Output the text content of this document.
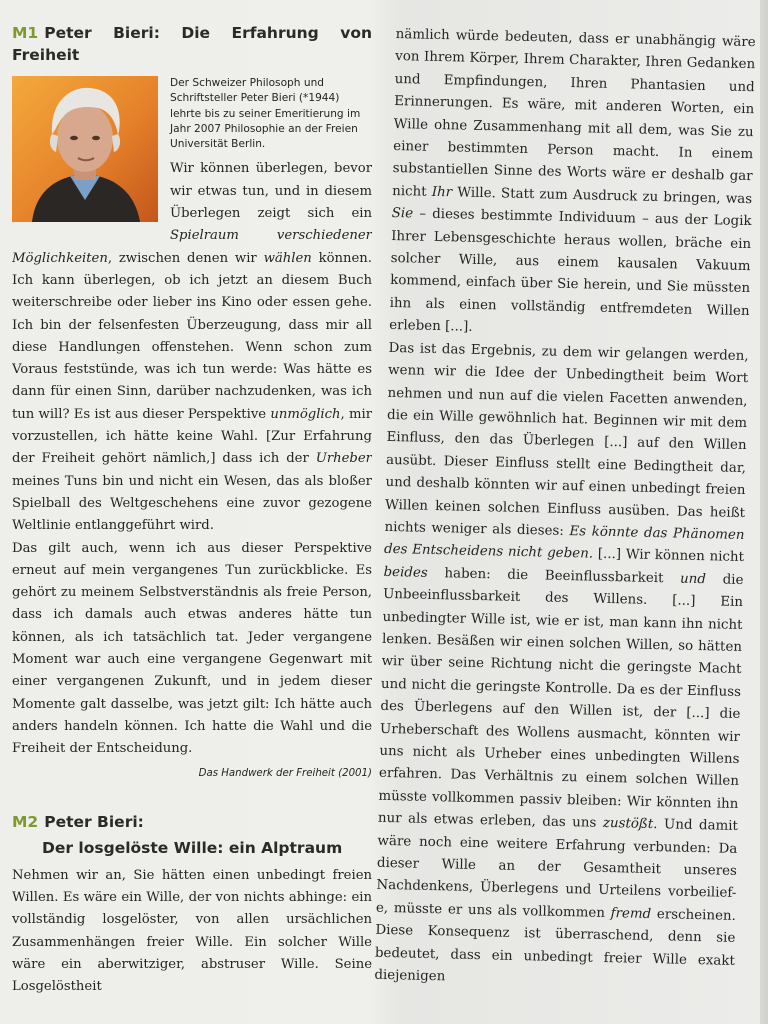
M1 Peter Bieri: Die Erfahrung von Freiheit

Der Schweizer Philosoph und Schriftsteller Peter Bieri (*1944) lehrte bis zu seiner Emeritierung im Jahr 2007 Philosophie an der Freien Universität Berlin.

Wir können überlegen, bevor wir etwas tun, und in diesem Überlegen zeigt sich ein Spielraum verschiedener Möglichkeiten, zwischen denen wir wählen können. Ich kann überlegen, ob ich jetzt an diesem Buch weiterschreibe oder lieber ins Kino oder essen gehe. Ich bin der felsenfesten Überzeugung, dass mir all diese Handlungen offenstehen. Wenn schon zum Voraus feststünde, was ich tun werde: Was hätte es dann für einen Sinn, darüber nachzudenken, was ich tun will? Es ist aus dieser Perspektive unmöglich, mir vorzustellen, ich hätte keine Wahl. [Zur Erfahrung der Freiheit gehört nämlich,] dass ich der Urheber meines Tuns bin und nicht ein Wesen, das als bloßer Spielball des Weltgeschehens eine zuvor gezogene Weltlinie entlanggeführt wird.

Das gilt auch, wenn ich aus dieser Perspektive erneut auf mein vergangenes Tun zurückblicke. Es gehört zu meinem Selbstverständnis als freie Person, dass ich damals auch etwas anderes hätte tun können, als ich tatsächlich tat. Jeder vergangene Moment war auch eine vergangene Gegenwart mit einer vergangenen Zukunft, und in jedem dieser Momente galt dasselbe, was jetzt gilt: Ich hätte auch anders handeln können. Ich hatte die Wahl und die Freiheit der Entscheidung.

Das Handwerk der Freiheit (2001)

M2 Peter Bieri:
Der losgelöste Wille: ein Alptraum

Nehmen wir an, Sie hätten einen unbedingt freien Willen. Es wäre ein Wille, der von nichts abhinge: ein vollständig losgelöster, von allen ursächlichen Zusammenhängen freier Wille. Ein solcher Wille wäre ein aberwitziger, abstruser Wille. Seine Losgelöstheit

nämlich würde bedeuten, dass er unabhängig wäre von Ihrem Körper, Ihrem Charakter, Ihren Gedanken und Empfindungen, Ihren Phantasien und Erinnerungen. Es wäre, mit anderen Worten, ein Wille ohne Zusammenhang mit all dem, was Sie zu einer bestimmten Person macht. In einem substantiellen Sinne des Worts wäre er deshalb gar nicht Ihr Wille. Statt zum Ausdruck zu bringen, was Sie – dieses bestimmte Individuum – aus der Logik Ihrer Lebensgeschichte heraus wollen, bräche ein solcher Wille, aus einem kausalen Vakuum kommend, einfach über Sie herein, und Sie müssten ihn als einen vollständig entfremdeten Willen erleben [...].

Das ist das Ergebnis, zu dem wir gelangen werden, wenn wir die Idee der Unbedingtheit beim Wort nehmen und nun auf die vielen Facetten anwenden, die ein Wille gewöhnlich hat. Beginnen wir mit dem Einfluss, den das Überlegen [...] auf den Willen ausübt. Dieser Einfluss stellt eine Bedingtheit dar, und deshalb könnten wir auf einen unbedingt freien Willen keinen solchen Einfluss ausüben. Das heißt nichts weniger als dieses: Es könnte das Phänomen des Entscheidens nicht geben. [...] Wir können nicht beides haben: die Beeinflussbarkeit und die Unbeeinflussbarkeit des Willens. [...] Ein unbedingter Wille ist, wie er ist, man kann ihn nicht lenken. Besäßen wir einen solchen Willen, so hätten wir über seine Richtung nicht die geringste Macht und nicht die geringste Kontrolle. Da es der Einfluss des Überlegens auf den Willen ist, der [...] die Urheberschaft des Wollens ausmacht, könnten wir uns nicht als Urheber eines unbedingten Willens erfahren. Das Verhältnis zu einem solchen Willen müsste vollkommen passiv bleiben: Wir könnten ihn nur als etwas erleben, das uns zustößt. Und damit wäre noch eine weitere Erfahrung verbunden: Da dieser Wille an der Gesamtheit unseres Nachdenkens, Überlegens und Urteilens vorbeilief-e, müsste er uns als vollkommen fremd erscheinen. Diese Konsequenz ist überraschend, denn sie bedeutet, dass ein unbedingt freier Wille exakt diejenigen
